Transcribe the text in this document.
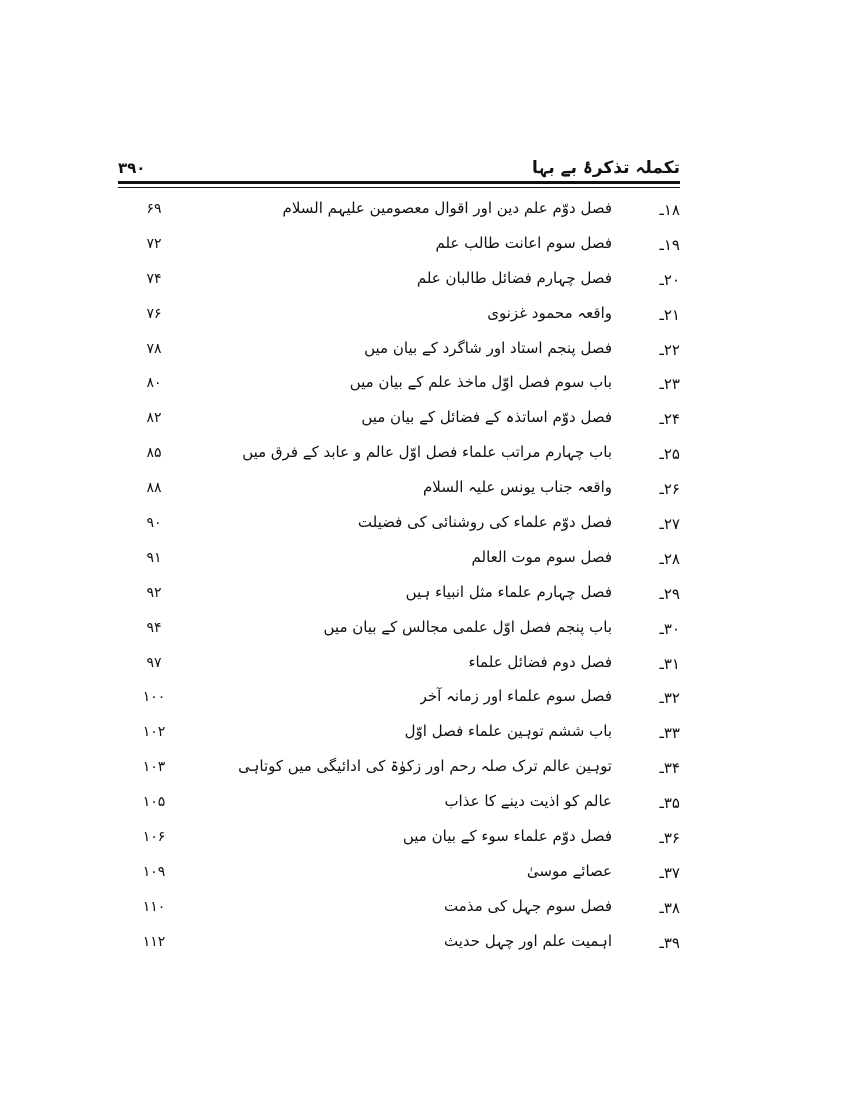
تکملہ تذکرۂ بے بہا
۳۹۰
۱۸ـ
فصل دوّم علم دین اور اقوال معصومین علیہم السلام
۶۹
۱۹ـ
فصل سوم اعانت طالب علم
۷۲
۲۰ـ
فصل چہارم فضائل طالبان علم
۷۴
۲۱ـ
واقعہ محمود غزنوی
۷۶
۲۲ـ
فصل پنجم استاد اور شاگرد کے بیان میں
۷۸
۲۳ـ
باب سوم فصل اوّل ماخذ علم کے بیان میں
۸۰
۲۴ـ
فصل دوّم اساتذہ کے فضائل کے بیان میں
۸۲
۲۵ـ
باب چہارم مراتب علماء فصل اوّل عالم و عابد کے فرق میں
۸۵
۲۶ـ
واقعہ جناب یونس علیہ السلام
۸۸
۲۷ـ
فصل دوّم علماء کی روشنائی کی فضیلت
۹۰
۲۸ـ
فصل سوم موت العالم
۹۱
۲۹ـ
فصل چہارم علماء مثل انبیاء ہیں
۹۲
۳۰ـ
باب پنجم فصل اوّل علمی مجالس کے بیان میں
۹۴
۳۱ـ
فصل دوم فضائل علماء
۹۷
۳۲ـ
فصل سوم علماء اور زمانہ آخر
۱۰۰
۳۳ـ
باب ششم توہین علماء فصل اوّل
۱۰۲
۳۴ـ
توہین عالم ترک صلہ رحم اور زکوٰۃ کی ادائیگی میں کوتاہی
۱۰۳
۳۵ـ
عالم کو اذیت دینے کا عذاب
۱۰۵
۳۶ـ
فصل دوّم علماء سوء کے بیان میں
۱۰۶
۳۷ـ
عصائے موسیٰ
۱۰۹
۳۸ـ
فصل سوم جہل کی مذمت
۱۱۰
۳۹ـ
اہمیت علم اور چہل حدیث
۱۱۲
